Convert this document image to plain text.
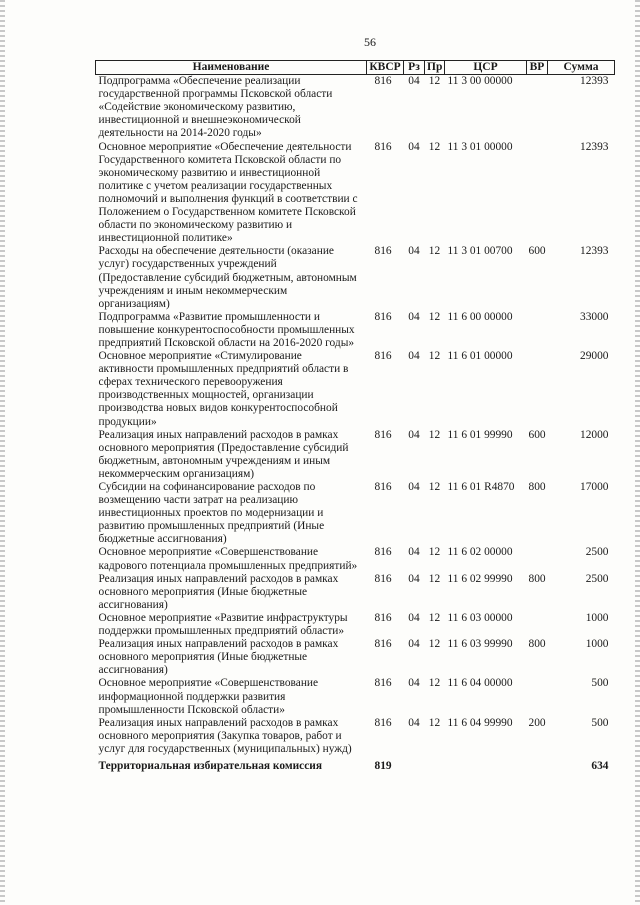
56
Наименование	КВСР	Рз	Пр	ЦСР	ВР	Сумма
Подпрограмма «Обеспечение реализации государственной программы Псковской области «Содействие экономическому развитию, инвестиционной и внешнеэкономической деятельности на 2014-2020 годы»	816	04	12	11 3 00 00000		12393
Основное мероприятие «Обеспечение деятельности Государственного комитета Псковской области по экономическому развитию и инвестиционной политике с учетом реализации государственных полномочий и выполнения функций в соответствии с Положением о Государственном комитете Псковской области по экономическому развитию и инвестиционной политике»	816	04	12	11 3 01 00000		12393
Расходы на обеспечение деятельности (оказание услуг) государственных учреждений (Предоставление субсидий бюджетным, автономным учреждениям и иным некоммерческим организациям)	816	04	12	11 3 01 00700	600	12393
Подпрограмма «Развитие промышленности и повышение конкурентоспособности промышленных предприятий Псковской области на 2016-2020 годы»	816	04	12	11 6 00 00000		33000
Основное мероприятие «Стимулирование активности промышленных предприятий области в сферах технического перевооружения производственных мощностей, организации производства новых видов конкурентоспособной продукции»	816	04	12	11 6 01 00000		29000
Реализация иных направлений расходов в рамках основного мероприятия (Предоставление субсидий бюджетным, автономным учреждениям и иным некоммерческим организациям)	816	04	12	11 6 01 99990	600	12000
Субсидии на софинансирование расходов по возмещению части затрат на реализацию инвестиционных проектов по модернизации и развитию промышленных предприятий (Иные бюджетные ассигнования)	816	04	12	11 6 01 R4870	800	17000
Основное мероприятие «Совершенствование кадрового потенциала промышленных предприятий»	816	04	12	11 6 02 00000		2500
Реализация иных направлений расходов в рамках основного мероприятия (Иные бюджетные ассигнования)	816	04	12	11 6 02 99990	800	2500
Основное мероприятие «Развитие инфраструктуры поддержки промышленных предприятий области»	816	04	12	11 6 03 00000		1000
Реализация иных направлений расходов в рамках основного мероприятия (Иные бюджетные ассигнования)	816	04	12	11 6 03 99990	800	1000
Основное мероприятие «Совершенствование информационной поддержки развития промышленности Псковской области»	816	04	12	11 6 04 00000		500
Реализация иных направлений расходов в рамках основного мероприятия (Закупка товаров, работ и услуг для государственных (муниципальных) нужд)	816	04	12	11 6 04 99990	200	500
Территориальная избирательная комиссия	819					634
